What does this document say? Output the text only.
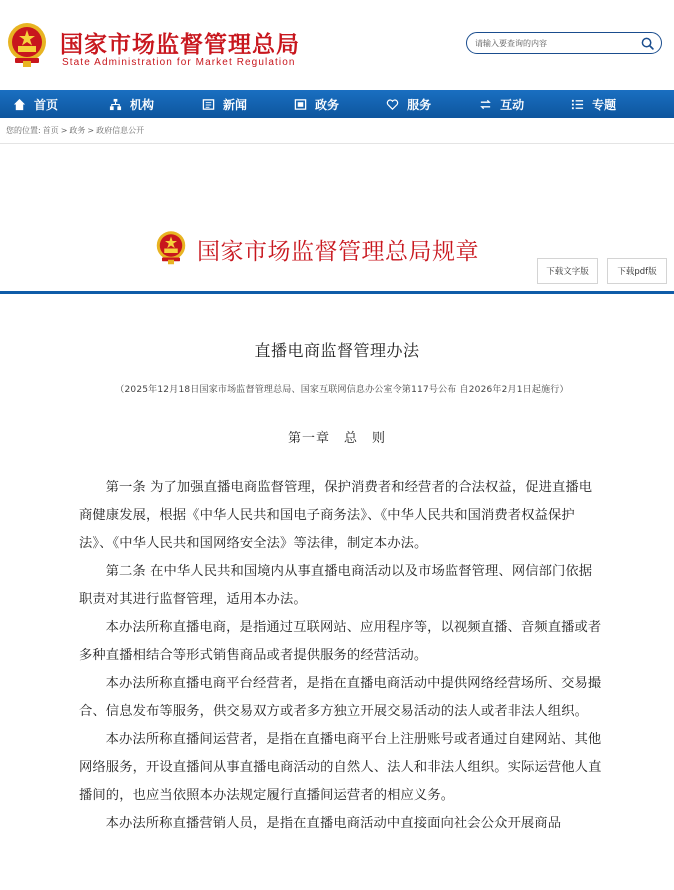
国家市场监督管理总局
State Administration for Market Regulation
请输入要查询的内容
首页	机构	新闻	政务	服务	互动	专题
您的位置: 首页 > 政务 > 政府信息公开
国家市场监督管理总局规章
下载文字版	下载pdf版
直播电商监督管理办法
（2025年12月18日国家市场监督管理总局、国家互联网信息办公室令第117号公布 自2026年2月1日起施行）
第一章　总　则

第一条 为了加强直播电商监督管理，保护消费者和经营者的合法权益，促进直播电商健康发展，根据《中华人民共和国电子商务法》、《中华人民共和国消费者权益保护法》、《中华人民共和国网络安全法》等法律，制定本办法。

第二条 在中华人民共和国境内从事直播电商活动以及市场监督管理、网信部门依据职责对其进行监督管理，适用本办法。

本办法所称直播电商，是指通过互联网站、应用程序等，以视频直播、音频直播或者多种直播相结合等形式销售商品或者提供服务的经营活动。

本办法所称直播电商平台经营者，是指在直播电商活动中提供网络经营场所、交易撮合、信息发布等服务，供交易双方或者多方独立开展交易活动的法人或者非法人组织。

本办法所称直播间运营者，是指在直播电商平台上注册账号或者通过自建网站、其他网络服务，开设直播间从事直播电商活动的自然人、法人和非法人组织。实际运营他人直播间的，也应当依照本办法规定履行直播间运营者的相应义务。

本办法所称直播营销人员，是指在直播电商活动中直接面向社会公众开展商品
